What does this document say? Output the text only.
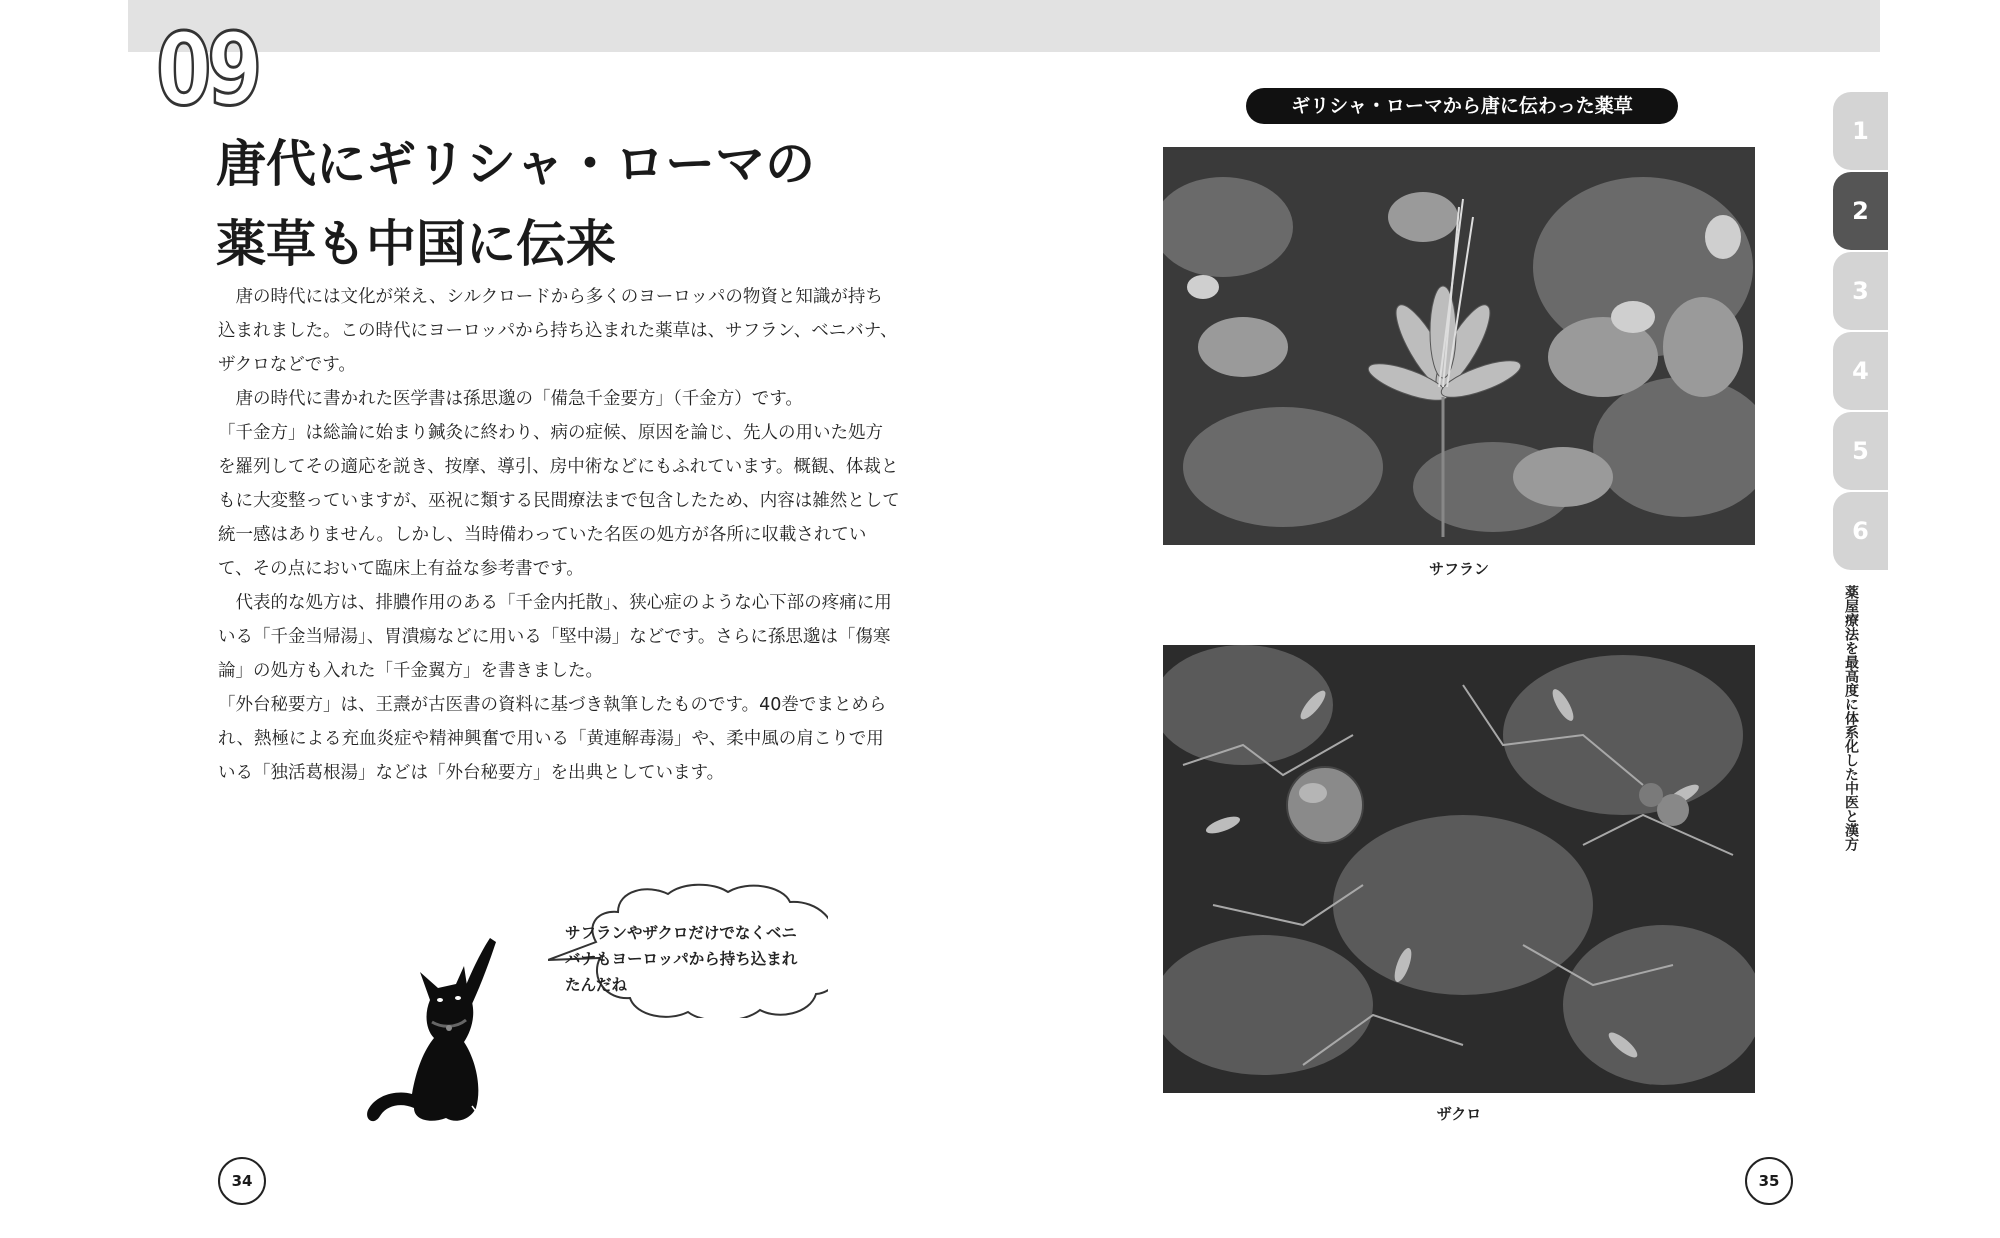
09
唐代にギリシャ・ローマの
薬草も中国に伝来

唐の時代には文化が栄え、シルクロードから多くのヨーロッパの物資と知識が持ち込まれました。この時代にヨーロッパから持ち込まれた薬草は、サフラン、ベニバナ、ザクロなどです。

唐の時代に書かれた医学書は孫思邈の「備急千金要方」（千金方）です。

「千金方」は総論に始まり鍼灸に終わり、病の症候、原因を論じ、先人の用いた処方を羅列してその適応を説き、按摩、導引、房中術などにもふれています。概観、体裁ともに大変整っていますが、巫祝に類する民間療法まで包含したため、内容は雑然として統一感はありません。しかし、当時備わっていた名医の処方が各所に収載されていて、その点において臨床上有益な参考書です。

代表的な処方は、排膿作用のある「千金内托散」、狭心症のような心下部の疼痛に用いる「千金当帰湯」、胃潰瘍などに用いる「堅中湯」などです。さらに孫思邈は「傷寒論」の処方も入れた「千金翼方」を書きました。

「外台秘要方」は、王燾が古医書の資料に基づき執筆したものです。40巻でまとめられ、熱極による充血炎症や精神興奮で用いる「黄連解毒湯」や、柔中風の肩こりで用いる「独活葛根湯」などは「外台秘要方」を出典としています。

サフランやザクロだけでなくベニバナもヨーロッパから持ち込まれたんだね
34	35
ギリシャ・ローマから唐に伝わった薬草
サフラン
ザクロ
1
2
3
4
5
6
薬屋療法を最高度に体系化した中医と漢方
